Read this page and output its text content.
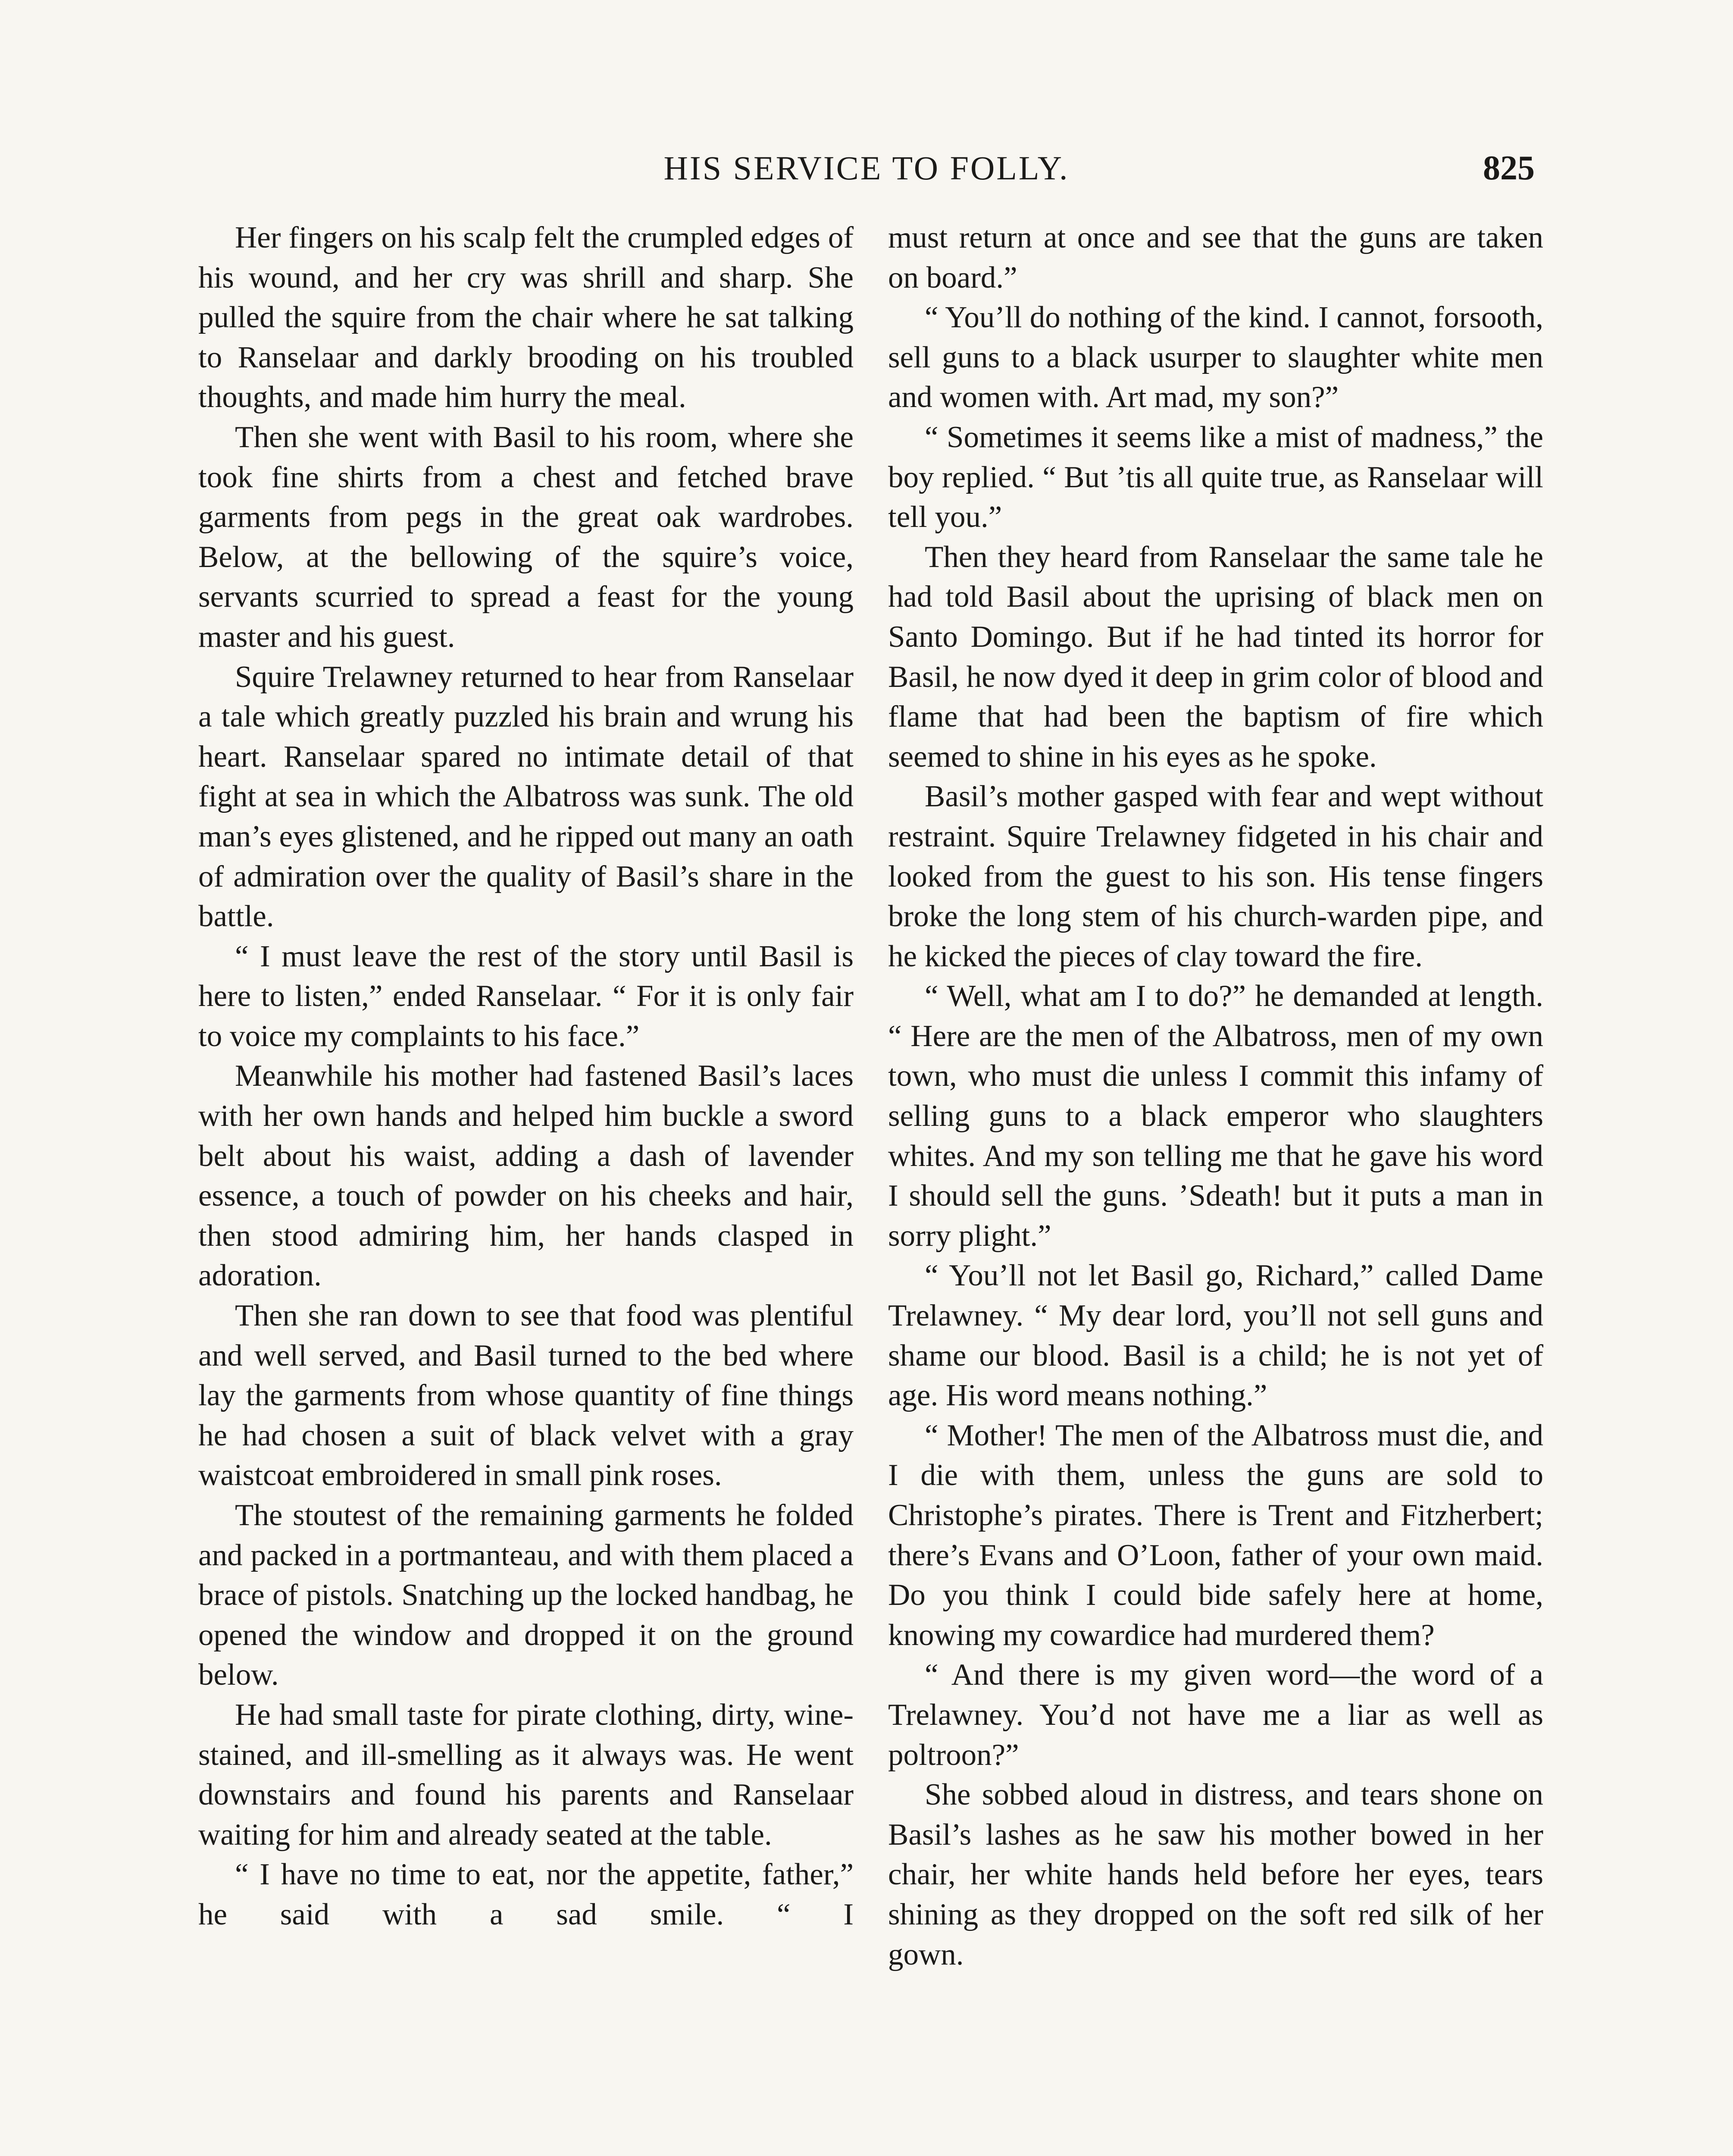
HIS SERVICE TO FOLLY.	825

Her fingers on his scalp felt the crumpled edges of his wound, and her cry was shrill and sharp. She pulled the squire from the chair where he sat talking to Ranselaar and darkly brooding on his troubled thoughts, and made him hurry the meal.

Then she went with Basil to his room, where she took fine shirts from a chest and fetched brave garments from pegs in the great oak wardrobes. Below, at the bellowing of the squire’s voice, servants scurried to spread a feast for the young master and his guest.

Squire Trelawney returned to hear from Ranselaar a tale which greatly puzzled his brain and wrung his heart. Ranselaar spared no intimate detail of that fight at sea in which the Albatross was sunk. The old man’s eyes glistened, and he ripped out many an oath of admiration over the quality of Basil’s share in the battle.

“ I must leave the rest of the story until Basil is here to listen,” ended Ranselaar. “ For it is only fair to voice my complaints to his face.”

Meanwhile his mother had fastened Basil’s laces with her own hands and helped him buckle a sword belt about his waist, adding a dash of lavender essence, a touch of powder on his cheeks and hair, then stood admiring him, her hands clasped in adoration.

Then she ran down to see that food was plentiful and well served, and Basil turned to the bed where lay the garments from whose quantity of fine things he had chosen a suit of black velvet with a gray waistcoat embroidered in small pink roses.

The stoutest of the remaining garments he folded and packed in a portmanteau, and with them placed a brace of pistols. Snatching up the locked handbag, he opened the window and dropped it on the ground below.

He had small taste for pirate clothing, dirty, wine-stained, and ill-smelling as it always was. He went downstairs and found his parents and Ranselaar waiting for him and already seated at the table.

“ I have no time to eat, nor the appetite, father,” he said with a sad smile. “ I

must return at once and see that the guns are taken on board.”

“ You’ll do nothing of the kind. I cannot, forsooth, sell guns to a black usurper to slaughter white men and women with. Art mad, my son?”

“ Sometimes it seems like a mist of madness,” the boy replied. “ But ’tis all quite true, as Ranselaar will tell you.”

Then they heard from Ranselaar the same tale he had told Basil about the uprising of black men on Santo Domingo. But if he had tinted its horror for Basil, he now dyed it deep in grim color of blood and flame that had been the baptism of fire which seemed to shine in his eyes as he spoke.

Basil’s mother gasped with fear and wept without restraint. Squire Trelawney fidgeted in his chair and looked from the guest to his son. His tense fingers broke the long stem of his church-warden pipe, and he kicked the pieces of clay toward the fire.

“ Well, what am I to do?” he demanded at length. “ Here are the men of the Albatross, men of my own town, who must die unless I commit this infamy of selling guns to a black emperor who slaughters whites. And my son telling me that he gave his word I should sell the guns. ’Sdeath! but it puts a man in sorry plight.”

“ You’ll not let Basil go, Richard,” called Dame Trelawney. “ My dear lord, you’ll not sell guns and shame our blood. Basil is a child; he is not yet of age. His word means nothing.”

“ Mother! The men of the Albatross must die, and I die with them, unless the guns are sold to Christophe’s pirates. There is Trent and Fitzherbert; there’s Evans and O’Loon, father of your own maid. Do you think I could bide safely here at home, knowing my cowardice had murdered them?

“ And there is my given word—the word of a Trelawney. You’d not have me a liar as well as poltroon?”

She sobbed aloud in distress, and tears shone on Basil’s lashes as he saw his mother bowed in her chair, her white hands held before her eyes, tears shining as they dropped on the soft red silk of her gown.
